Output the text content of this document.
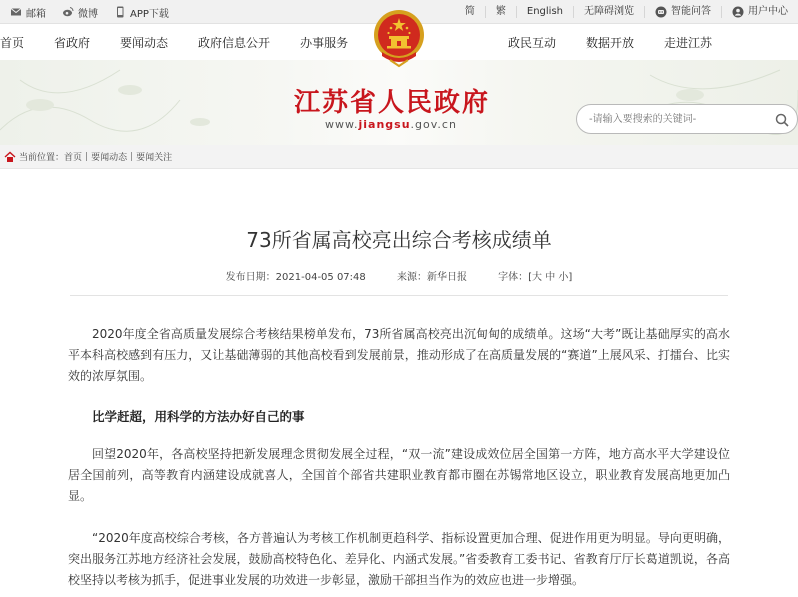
邮箱	微博	APP下载	简	繁	English	无障碍浏览	智能问答	用户中心
首页	省政府	要闻动态	政府信息公开	办事服务	政民互动	数据开放	走进江苏
江苏省人民政府
www.jiangsu.gov.cn
-请输入要搜索的关键词-
当前位置： 首页 | 要闻动态 | 要闻关注
73所省属高校亮出综合考核成绩单
发布日期：2021-04-05 07:48	来源：新华日报	字体：[大 中 小]

2020年度全省高质量发展综合考核结果榜单发布，73所省属高校亮出沉甸甸的成绩单。这场“大考”既让基础厚实的高水平本科高校感到有压力，又让基础薄弱的其他高校看到发展前景，推动形成了在高质量发展的“赛道”上展风采、打擂台、比实效的浓厚氛围。

比学赶超，用科学的方法办好自己的事

回望2020年，各高校坚持把新发展理念贯彻发展全过程，“双一流”建设成效位居全国第一方阵，地方高水平大学建设位居全国前列，高等教育内涵建设成就喜人，全国首个部省共建职业教育都市圈在苏锡常地区设立，职业教育发展高地更加凸显。

“2020年度高校综合考核，各方普遍认为考核工作机制更趋科学、指标设置更加合理、促进作用更为明显。导向更明确，突出服务江苏地方经济社会发展，鼓励高校特色化、差异化、内涵式发展。”省委教育工委书记、省教育厅厅长葛道凯说，各高校坚持以考核为抓手，促进事业发展的功效进一步彰显，激励干部担当作为的效应也进一步增强。
